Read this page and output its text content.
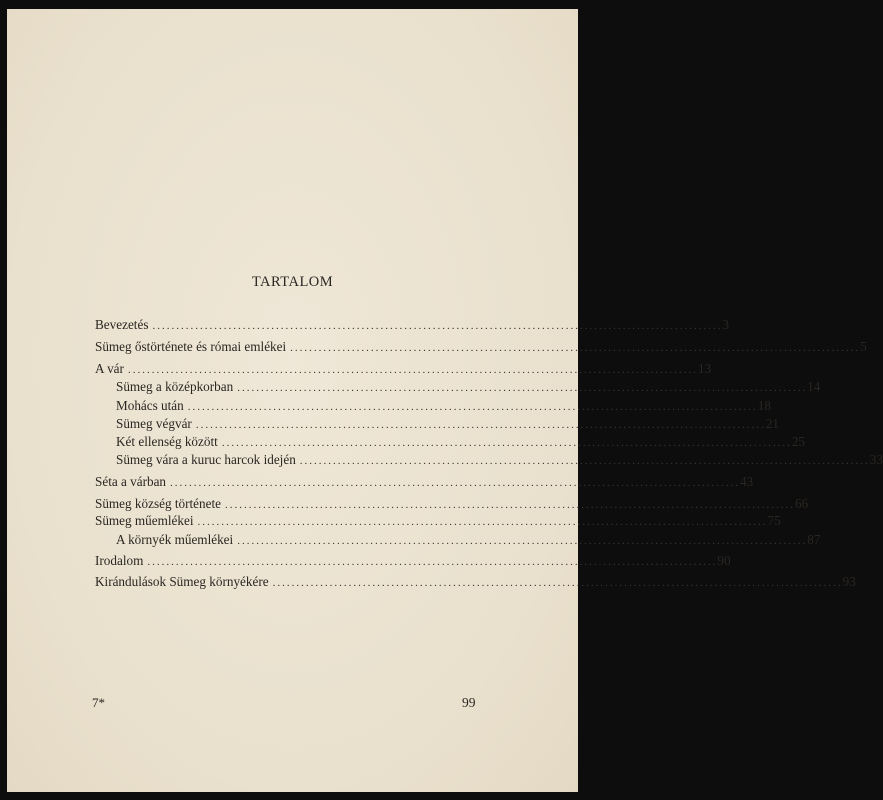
TARTALOM
Bevezetés ........................................................................................................................ 3
Sümeg őstörténete és római emlékei ........................................................................................................................ 5
A vár ........................................................................................................................ 13
Sümeg a középkorban ........................................................................................................................ 14
Mohács után ........................................................................................................................ 18
Sümeg végvár ........................................................................................................................ 21
Két ellenség között ........................................................................................................................ 25
Sümeg vára a kuruc harcok idején ........................................................................................................................ 33
Séta a várban ........................................................................................................................ 43
Sümeg község története ........................................................................................................................ 66
Sümeg műemlékei ........................................................................................................................ 75
A környék műemlékei ........................................................................................................................ 87
Irodalom ........................................................................................................................ 90
Kirándulások Sümeg környékére ........................................................................................................................ 93
7*	99
